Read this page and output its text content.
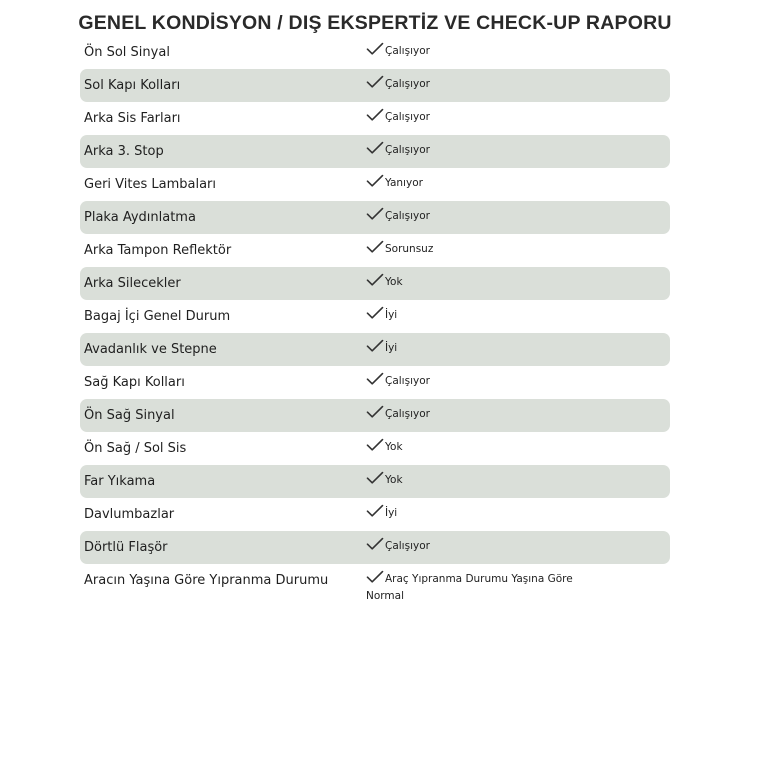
GENEL KONDİSYON / DIŞ EKSPERTİZ VE CHECK-UP RAPORU
Ön Sol Sinyal	Çalışıyor
Sol Kapı Kolları	Çalışıyor
Arka Sis Farları	Çalışıyor
Arka 3. Stop	Çalışıyor
Geri Vites Lambaları	Yanıyor
Plaka Aydınlatma	Çalışıyor
Arka Tampon Reflektör	Sorunsuz
Arka Silecekler	Yok
Bagaj İçi Genel Durum	İyi
Avadanlık ve Stepne	İyi
Sağ Kapı Kolları	Çalışıyor
Ön Sağ Sinyal	Çalışıyor
Ön Sağ / Sol Sis	Yok
Far Yıkama	Yok
Davlumbazlar	İyi
Dörtlü Flaşör	Çalışıyor
Aracın Yaşına Göre Yıpranma Durumu	Araç Yıpranma Durumu Yaşına Göre Normal
